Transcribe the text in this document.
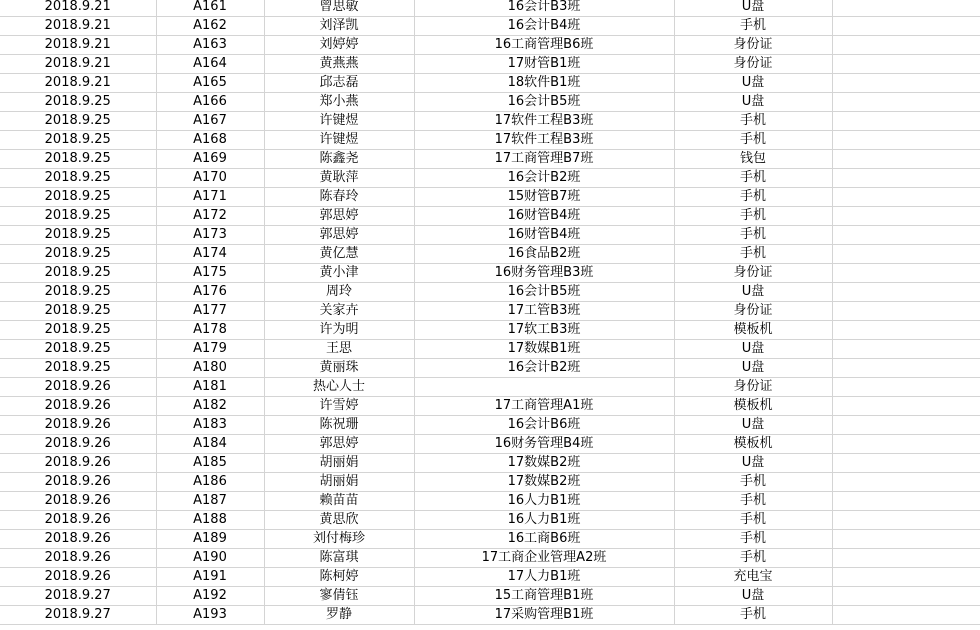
2018.9.21	A161	曾思敏	16会计B3班	U盘	
2018.9.21	A162	刘泽凯	16会计B4班	手机	
2018.9.21	A163	刘婷婷	16工商管理B6班	身份证	
2018.9.21	A164	黄燕燕	17财管B1班	身份证	
2018.9.21	A165	邱志磊	18软件B1班	U盘	
2018.9.25	A166	郑小燕	16会计B5班	U盘	
2018.9.25	A167	许键煜	17软件工程B3班	手机	
2018.9.25	A168	许键煜	17软件工程B3班	手机	
2018.9.25	A169	陈鑫尧	17工商管理B7班	钱包	
2018.9.25	A170	黄耿萍	16会计B2班	手机	
2018.9.25	A171	陈春玲	15财管B7班	手机	
2018.9.25	A172	郭思婷	16财管B4班	手机	
2018.9.25	A173	郭思婷	16财管B4班	手机	
2018.9.25	A174	黄亿慧	16食品B2班	手机	
2018.9.25	A175	黄小津	16财务管理B3班	身份证	
2018.9.25	A176	周玲	16会计B5班	U盘	
2018.9.25	A177	关家卉	17工管B3班	身份证	
2018.9.25	A178	许为明	17软工B3班	模板机	
2018.9.25	A179	王思	17数媒B1班	U盘	
2018.9.25	A180	黄丽珠	16会计B2班	U盘	
2018.9.26	A181	热心人士		身份证	
2018.9.26	A182	许雪婷	17工商管理A1班	模板机	
2018.9.26	A183	陈祝珊	16会计B6班	U盘	
2018.9.26	A184	郭思婷	16财务管理B4班	模板机	
2018.9.26	A185	胡丽娟	17数媒B2班	U盘	
2018.9.26	A186	胡丽娟	17数媒B2班	手机	
2018.9.26	A187	赖苗苗	16人力B1班	手机	
2018.9.26	A188	黄思欣	16人力B1班	手机	
2018.9.26	A189	刘付梅珍	16工商B6班	手机	
2018.9.26	A190	陈富琪	17工商企业管理A2班	手机	
2018.9.26	A191	陈柯婷	17人力B1班	充电宝	
2018.9.27	A192	寥倩钰	15工商管理B1班	U盘	
2018.9.27	A193	罗静	17采购管理B1班	手机	
